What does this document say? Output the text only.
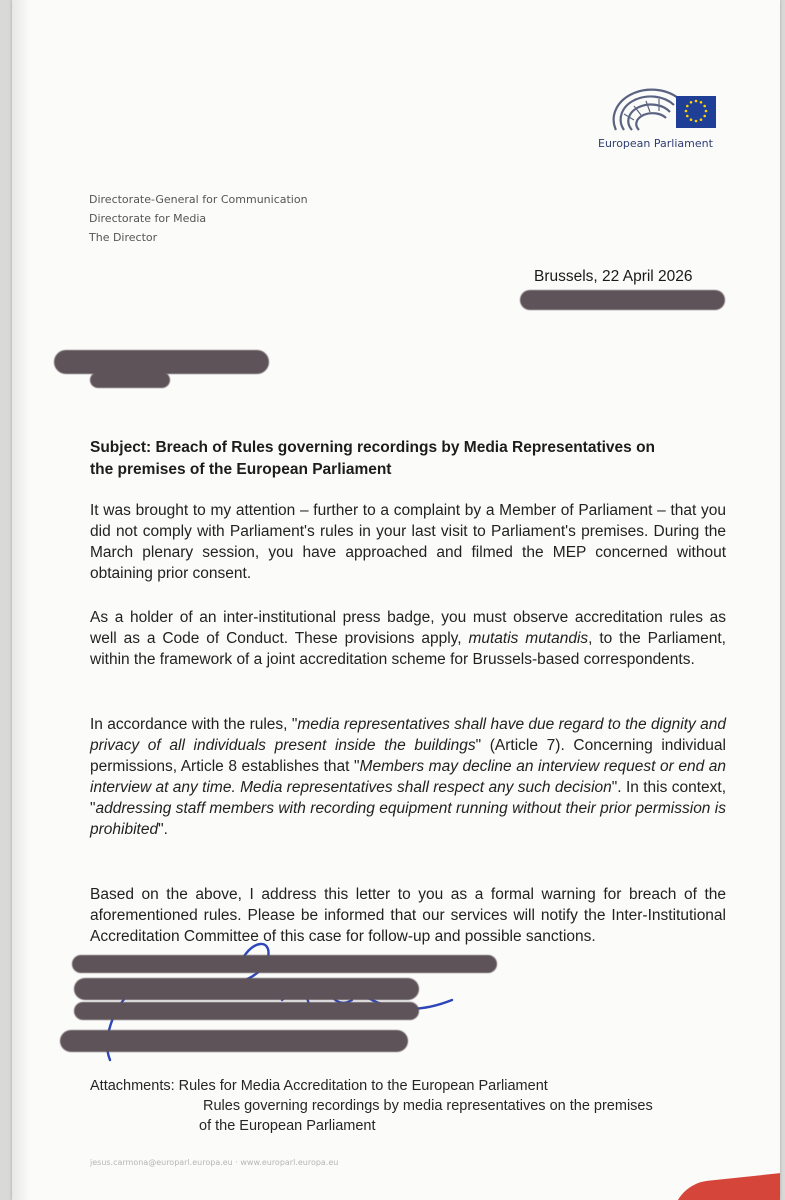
European Parliament
Directorate-General for Communication
Directorate for Media
The Director
Brussels, 22 April 2026
Subject: Breach of Rules governing recordings by Media Representatives on
the premises of the European Parliament
It was brought to my attention – further to a complaint by a Member of Parliament – that you did not comply with Parliament's rules in your last visit to Parliament's premises. During the March plenary session, you have approached and filmed the MEP concerned without obtaining prior consent.
As a holder of an inter-institutional press badge, you must observe accreditation rules as well as a Code of Conduct. These provisions apply, mutatis mutandis, to the Parliament, within the framework of a joint accreditation scheme for Brussels-based correspondents.
In accordance with the rules, "media representatives shall have due regard to the dignity and privacy of all individuals present inside the buildings" (Article 7). Concerning individual permissions, Article 8 establishes that "Members may decline an interview request or end an interview at any time. Media representatives shall respect any such decision". In this context, "addressing staff members with recording equipment running without their prior permission is prohibited".
Based on the above, I address this letter to you as a formal warning for breach of the aforementioned rules. Please be informed that our services will notify the Inter-Institutional Accreditation Committee of this case for follow-up and possible sanctions.
Attachments: Rules for Media Accreditation to the European Parliament
Rules governing recordings by media representatives on the premises
of the European Parliament
jesus.carmona@europarl.europa.eu · www.europarl.europa.eu
